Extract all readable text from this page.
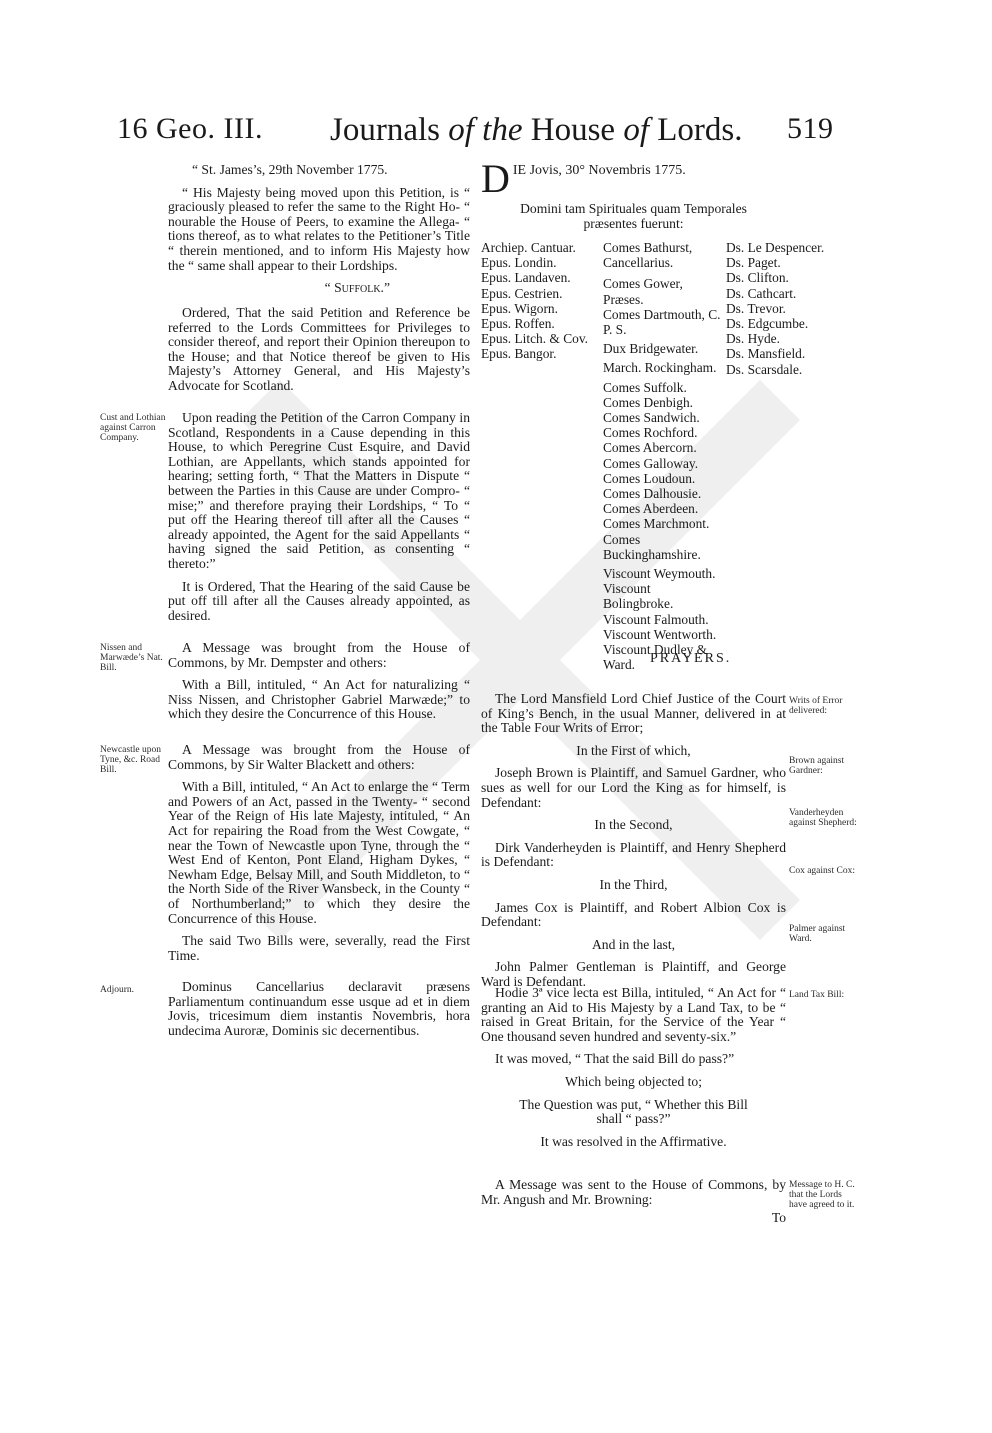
16 Geo. III. Journals of the House of Lords. 519

“ St. James’s, 29th November 1775.

“ His Majesty being moved upon this Petition, is “ graciously pleased to refer the same to the Right Ho- “ nourable the House of Peers, to examine the Allega- “ tions thereof, as to what relates to the Petitioner’s Title “ therein mentioned, and to inform His Majesty how the “ same shall appear to their Lordships.

“ Suffolk.”

Ordered, That the said Petition and Reference be referred to the Lords Committees for Privileges to consider thereof, and report their Opinion thereupon to the House; and that Notice thereof be given to His Majesty’s Attorney General, and His Majesty’s Advocate for Scotland.

Cust and Lothian against Carron Company.

Upon reading the Petition of the Carron Company in Scotland, Respondents in a Cause depending in this House, to which Peregrine Cust Esquire, and David Lothian, are Appellants, which stands appointed for hearing; setting forth, “ That the Matters in Dispute “ between the Parties in this Cause are under Compro- “ mise;” and therefore praying their Lordships, “ To “ put off the Hearing thereof till after all the Causes “ already appointed, the Agent for the said Appellants “ having signed the said Petition, as consenting “ thereto:”

It is Ordered, That the Hearing of the said Cause be put off till after all the Causes already appointed, as desired.

Nissen and Marwæde’s Nat. Bill.

A Message was brought from the House of Commons, by Mr. Dempster and others:

With a Bill, intituled, “ An Act for naturalizing “ Niss Nissen, and Christopher Gabriel Marwæde;” to which they desire the Concurrence of this House.

Newcastle upon Tyne, &c. Road Bill.

A Message was brought from the House of Commons, by Sir Walter Blackett and others:

With a Bill, intituled, “ An Act to enlarge the “ Term and Powers of an Act, passed in the Twenty- “ second Year of the Reign of His late Majesty, intituled, “ An Act for repairing the Road from the West Cowgate, “ near the Town of Newcastle upon Tyne, through the “ West End of Kenton, Pont Eland, Higham Dykes, “ Newham Edge, Belsay Mill, and South Middleton, to “ the North Side of the River Wansbeck, in the County “ of Northumberland;” to which they desire the Concurrence of this House.

The said Two Bills were, severally, read the First Time.

Adjourn.	Dominus Cancellarius declaravit præsens Parliamentum continuandum esse usque ad et in diem Jovis, tricesimum diem instantis Novembris, hora undecima Auroræ, Dominis sic decernentibus.

D IE Jovis, 30° Novembris 1775.
Domini tam Spirituales quam Temporales præsentes fuerunt:
Archiep. Cantuar.
Epus. Londin.
Epus. Landaven.
Epus. Cestrien.
Epus. Wigorn.
Epus. Roffen.
Epus. Litch. & Cov.
Epus. Bangor.
Comes Bathurst, Cancellarius.
Comes Gower, Præses.
Comes Dartmouth, C. P. S.
Dux Bridgewater.
March. Rockingham.
Comes Suffolk.
Comes Denbigh.
Comes Sandwich.
Comes Rochford.
Comes Abercorn.
Comes Galloway.
Comes Loudoun.
Comes Dalhousie.
Comes Aberdeen.
Comes Marchmont.
Comes Buckinghamshire.
Viscount Weymouth.
Viscount Bolingbroke.
Viscount Falmouth.
Viscount Wentworth.
Viscount Dudley & Ward.
Ds. Le Despencer.
Ds. Paget.
Ds. Clifton.
Ds. Cathcart.
Ds. Trevor.
Ds. Edgcumbe.
Ds. Hyde.
Ds. Mansfield.
Ds. Scarsdale.
PRAYERS.
Writs of Error delivered:

The Lord Mansfield Lord Chief Justice of the Court of King’s Bench, in the usual Manner, delivered in at the Table Four Writs of Error;

In the First of which,

Joseph Brown is Plaintiff, and Samuel Gardner, who sues as well for our Lord the King as for himself, is Defendant:

In the Second,

Dirk Vanderheyden is Plaintiff, and Henry Shepherd is Defendant:

In the Third,

James Cox is Plaintiff, and Robert Albion Cox is Defendant:

And in the last,

John Palmer Gentleman is Plaintiff, and George Ward is Defendant.

Brown against Gardner:
Vanderheyden against Shepherd:
Cox against Cox:
Palmer against Ward.
Land Tax Bill:

Hodie 3ª vice lecta est Billa, intituled, “ An Act for “ granting an Aid to His Majesty by a Land Tax, to be “ raised in Great Britain, for the Service of the Year “ One thousand seven hundred and seventy-six.”

It was moved, “ That the said Bill do pass?”

Which being objected to;

The Question was put, “ Whether this Bill shall “ pass?”

It was resolved in the Affirmative.

Message to H. C. that the Lords have agreed to it.

A Message was sent to the House of Commons, by Mr. Angush and Mr. Browning:

To
